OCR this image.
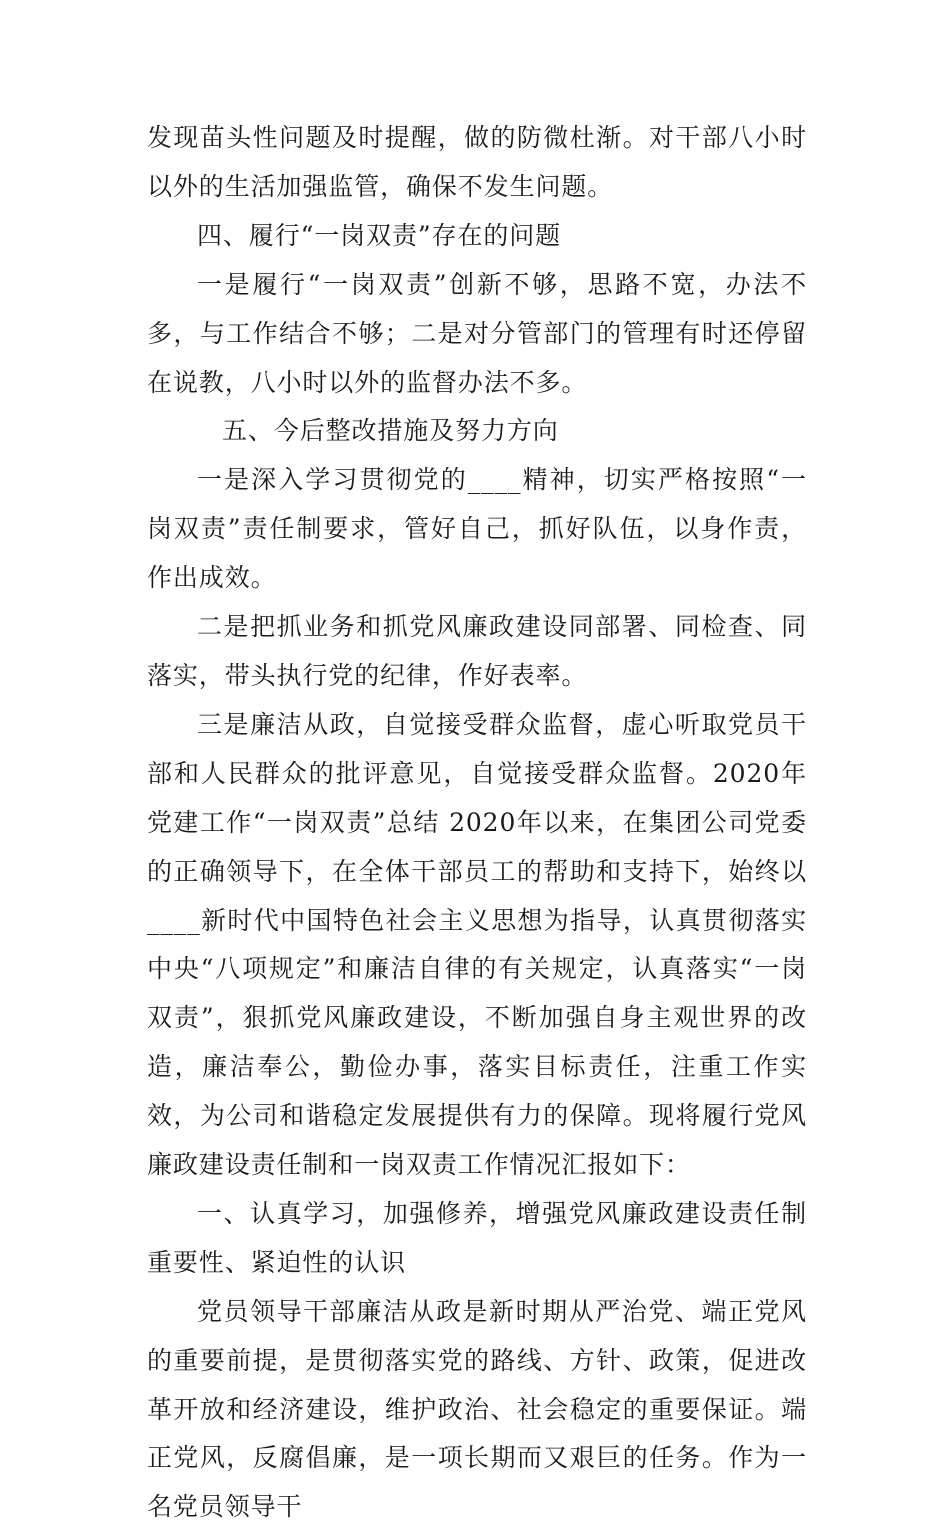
发现苗头性问题及时提醒，做的防微杜渐。对干部八小时以外的生活加强监管，确保不发生问题。

四、履行“一岗双责”存在的问题

一是履行“一岗双责”创新不够，思路不宽，办法不多，与工作结合不够；二是对分管部门的管理有时还停留在说教，八小时以外的监督办法不多。

五、今后整改措施及努力方向

一是深入学习贯彻党的____精神，切实严格按照“一岗双责”责任制要求，管好自己，抓好队伍，以身作责，作出成效。

二是把抓业务和抓党风廉政建设同部署、同检查、同落实，带头执行党的纪律，作好表率。

三是廉洁从政，自觉接受群众监督，虚心听取党员干部和人民群众的批评意见，自觉接受群众监督。2020年党建工作“一岗双责”总结 2020年以来，在集团公司党委的正确领导下，在全体干部员工的帮助和支持下，始终以____新时代中国特色社会主义思想为指导，认真贯彻落实中央“八项规定”和廉洁自律的有关规定，认真落实“一岗双责”，狠抓党风廉政建设，不断加强自身主观世界的改造，廉洁奉公，勤俭办事，落实目标责任，注重工作实效，为公司和谐稳定发展提供有力的保障。现将履行党风廉政建设责任制和一岗双责工作情况汇报如下：

一、认真学习，加强修养，增强党风廉政建设责任制重要性、紧迫性的认识

党员领导干部廉洁从政是新时期从严治党、端正党风的重要前提，是贯彻落实党的路线、方针、政策，促进改革开放和经济建设，维护政治、社会稳定的重要保证。端正党风，反腐倡廉，是一项长期而又艰巨的任务。作为一名党员领导干
